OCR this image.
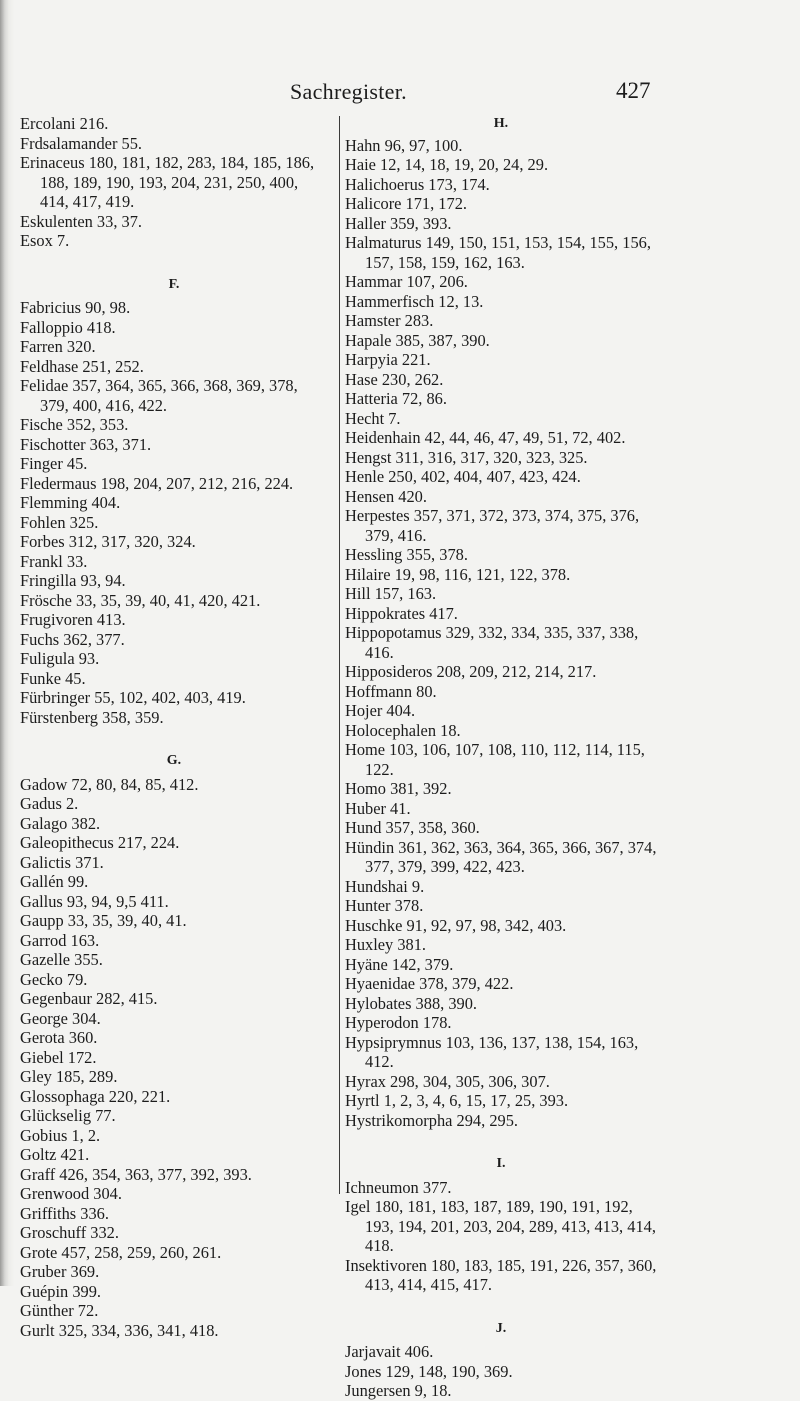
Sachregister.	427
Ercolani 216.
Frdsalamander 55.
Erinaceus 180, 181, 182, 283, 184, 185, 186, 188, 189, 190, 193, 204, 231, 250, 400, 414, 417, 419.
Eskulenten 33, 37.
Esox 7.
F.
Fabricius 90, 98.
Falloppio 418.
Farren 320.
Feldhase 251, 252.
Felidae 357, 364, 365, 366, 368, 369, 378, 379, 400, 416, 422.
Fische 352, 353.
Fischotter 363, 371.
Finger 45.
Fledermaus 198, 204, 207, 212, 216, 224.
Flemming 404.
Fohlen 325.
Forbes 312, 317, 320, 324.
Frankl 33.
Fringilla 93, 94.
Frösche 33, 35, 39, 40, 41, 420, 421.
Frugivoren 413.
Fuchs 362, 377.
Fuligula 93.
Funke 45.
Fürbringer 55, 102, 402, 403, 419.
Fürstenberg 358, 359.
G.
Gadow 72, 80, 84, 85, 412.
Gadus 2.
Galago 382.
Galeopithecus 217, 224.
Galictis 371.
Gallén 99.
Gallus 93, 94, 9,5 411.
Gaupp 33, 35, 39, 40, 41.
Garrod 163.
Gazelle 355.
Gecko 79.
Gegenbaur 282, 415.
George 304.
Gerota 360.
Giebel 172.
Gley 185, 289.
Glossophaga 220, 221.
Glückselig 77.
Gobius 1, 2.
Goltz 421.
Graff 426, 354, 363, 377, 392, 393.
Grenwood 304.
Griffiths 336.
Groschuff 332.
Grote 457, 258, 259, 260, 261.
Gruber 369.
Guépin 399.
Günther 72.
Gurlt 325, 334, 336, 341, 418.
H.
Hahn 96, 97, 100.
Haie 12, 14, 18, 19, 20, 24, 29.
Halichoerus 173, 174.
Halicore 171, 172.
Haller 359, 393.
Halmaturus 149, 150, 151, 153, 154, 155, 156, 157, 158, 159, 162, 163.
Hammar 107, 206.
Hammerfisch 12, 13.
Hamster 283.
Hapale 385, 387, 390.
Harpyia 221.
Hase 230, 262.
Hatteria 72, 86.
Hecht 7.
Heidenhain 42, 44, 46, 47, 49, 51, 72, 402.
Hengst 311, 316, 317, 320, 323, 325.
Henle 250, 402, 404, 407, 423, 424.
Hensen 420.
Herpestes 357, 371, 372, 373, 374, 375, 376, 379, 416.
Hessling 355, 378.
Hilaire 19, 98, 116, 121, 122, 378.
Hill 157, 163.
Hippokrates 417.
Hippopotamus 329, 332, 334, 335, 337, 338, 416.
Hipposideros 208, 209, 212, 214, 217.
Hoffmann 80.
Hojer 404.
Holocephalen 18.
Home 103, 106, 107, 108, 110, 112, 114, 115, 122.
Homo 381, 392.
Huber 41.
Hund 357, 358, 360.
Hündin 361, 362, 363, 364, 365, 366, 367, 374, 377, 379, 399, 422, 423.
Hundshai 9.
Hunter 378.
Huschke 91, 92, 97, 98, 342, 403.
Huxley 381.
Hyäne 142, 379.
Hyaenidae 378, 379, 422.
Hylobates 388, 390.
Hyperodon 178.
Hypsiprymnus 103, 136, 137, 138, 154, 163, 412.
Hyrax 298, 304, 305, 306, 307.
Hyrtl 1, 2, 3, 4, 6, 15, 17, 25, 393.
Hystrikomorpha 294, 295.
I.
Ichneumon 377.
Igel 180, 181, 183, 187, 189, 190, 191, 192, 193, 194, 201, 203, 204, 289, 413, 413, 414, 418.
Insektivoren 180, 183, 185, 191, 226, 357, 360, 413, 414, 415, 417.
J.
Jarjavait 406.
Jones 129, 148, 190, 369.
Jungersen 9, 18.
